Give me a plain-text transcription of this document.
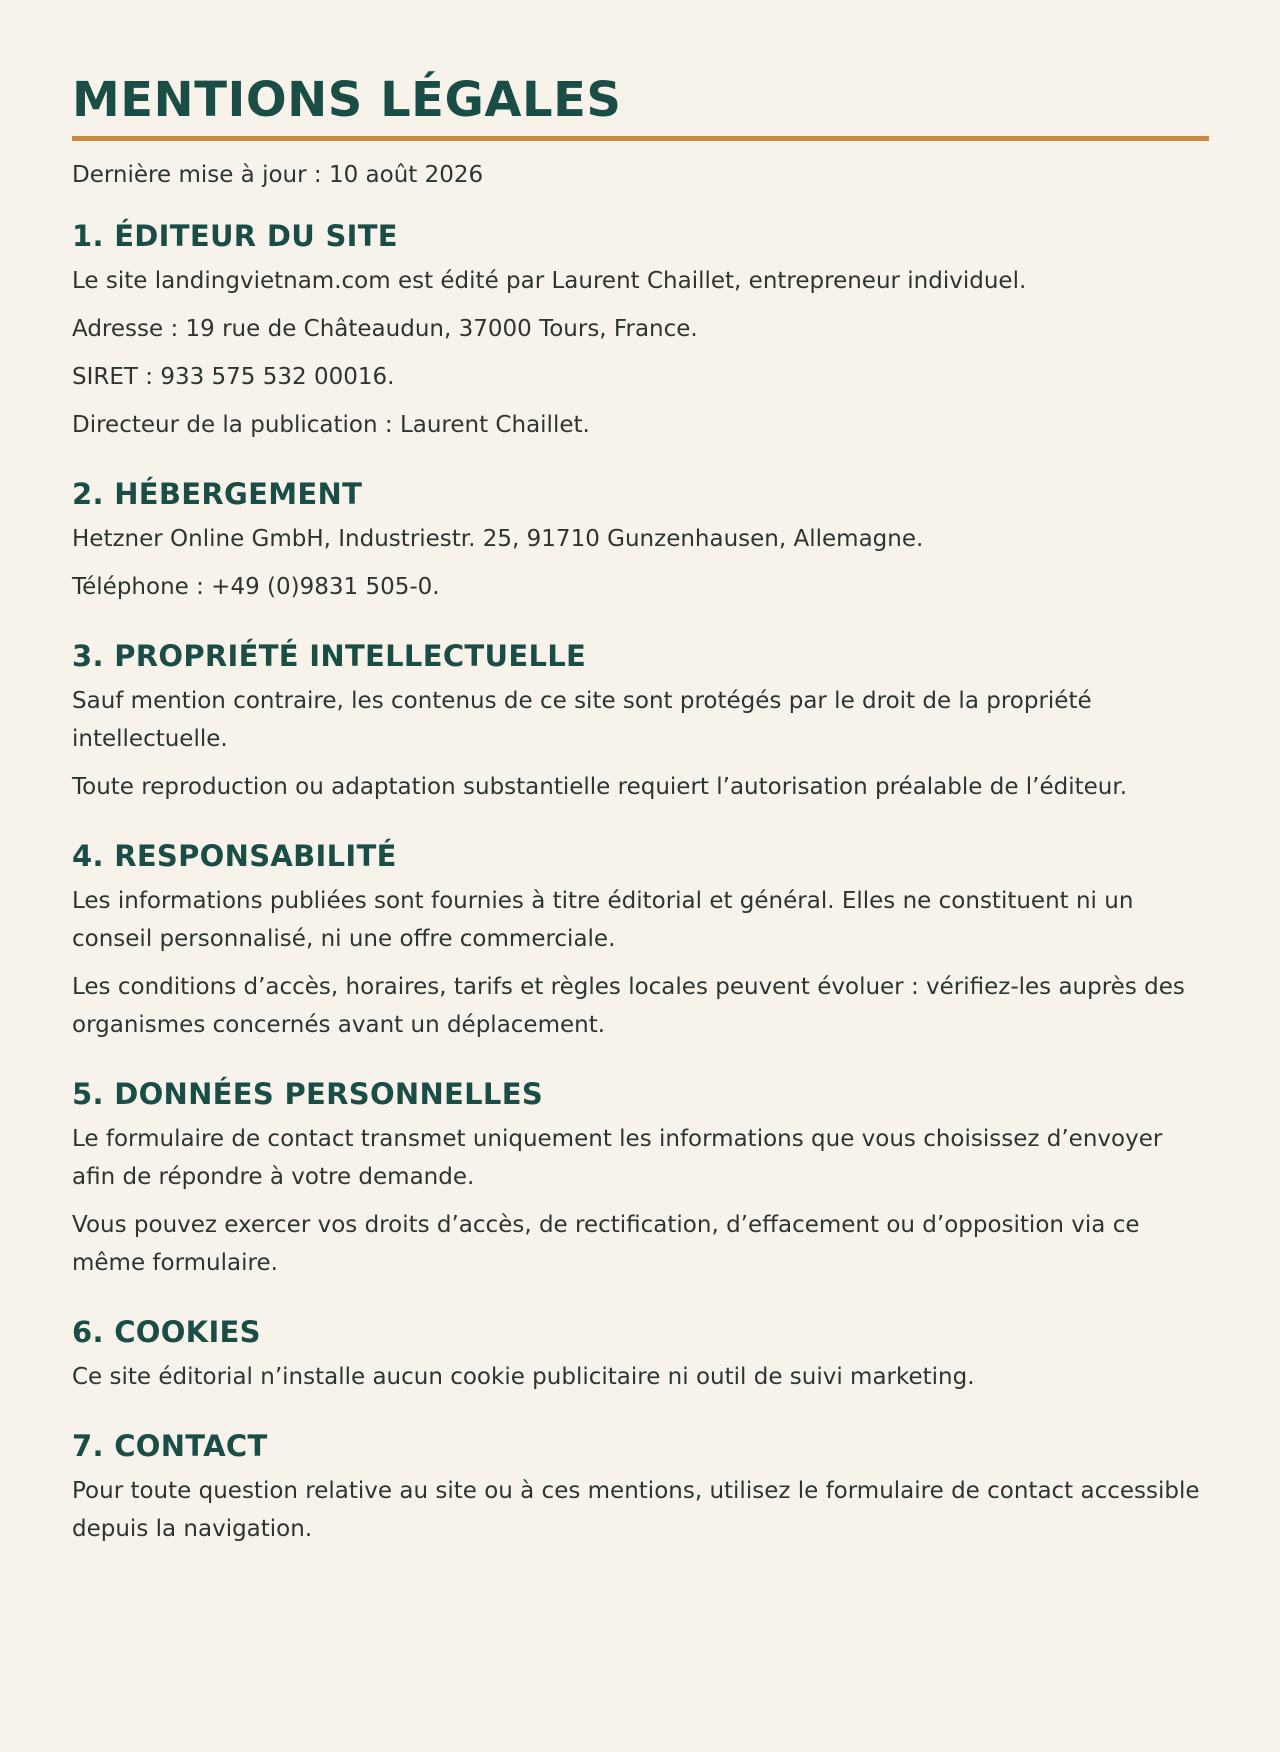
MENTIONS LÉGALES

Dernière mise à jour : 10 août 2026

1. ÉDITEUR DU SITE

Le site landingvietnam.com est édité par Laurent Chaillet, entrepreneur individuel.

Adresse : 19 rue de Châteaudun, 37000 Tours, France.

SIRET : 933 575 532 00016.

Directeur de la publication : Laurent Chaillet.

2. HÉBERGEMENT

Hetzner Online GmbH, Industriestr. 25, 91710 Gunzenhausen, Allemagne.

Téléphone : +49 (0)9831 505-0.

3. PROPRIÉTÉ INTELLECTUELLE

Sauf mention contraire, les contenus de ce site sont protégés par le droit de la propriété intellectuelle.

Toute reproduction ou adaptation substantielle requiert l’autorisation préalable de l’éditeur.

4. RESPONSABILITÉ

Les informations publiées sont fournies à titre éditorial et général. Elles ne constituent ni un conseil personnalisé, ni une offre commerciale.

Les conditions d’accès, horaires, tarifs et règles locales peuvent évoluer : vérifiez-les auprès des organismes concernés avant un déplacement.

5. DONNÉES PERSONNELLES

Le formulaire de contact transmet uniquement les informations que vous choisissez d’envoyer afin de répondre à votre demande.

Vous pouvez exercer vos droits d’accès, de rectification, d’effacement ou d’opposition via ce même formulaire.

6. COOKIES

Ce site éditorial n’installe aucun cookie publicitaire ni outil de suivi marketing.

7. CONTACT

Pour toute question relative au site ou à ces mentions, utilisez le formulaire de contact accessible depuis la navigation.
